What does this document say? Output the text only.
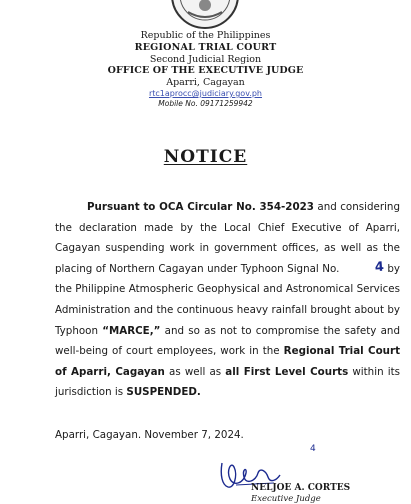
Republic of the Philippines
REGIONAL TRIAL COURT
Second Judicial Region
OFFICE OF THE EXECUTIVE JUDGE
Aparri, Cagayan
rtc1aprocc@judiciary.gov.ph
Mobile No. 09171259942
NOTICE
Pursuant to OCA Circular No. 354-2023 and considering the declaration made by the Local Chief Executive of Aparri, Cagayan suspending work in government offices, as well as the placing of Northern Cagayan under Typhoon Signal No. 4 by the Philippine Atmospheric Geophysical and Astronomical Services Administration and the continuous heavy rainfall brought about by Typhoon “MARCE,” and so as not to compromise the safety and well-being of court employees, work in the Regional Trial Court of Aparri, Cagayan as well as all First Level Courts within its jurisdiction is SUSPENDED.
Aparri, Cagayan. November 7, 2024.
4
NELJOE A. CORTES
Executive Judge
